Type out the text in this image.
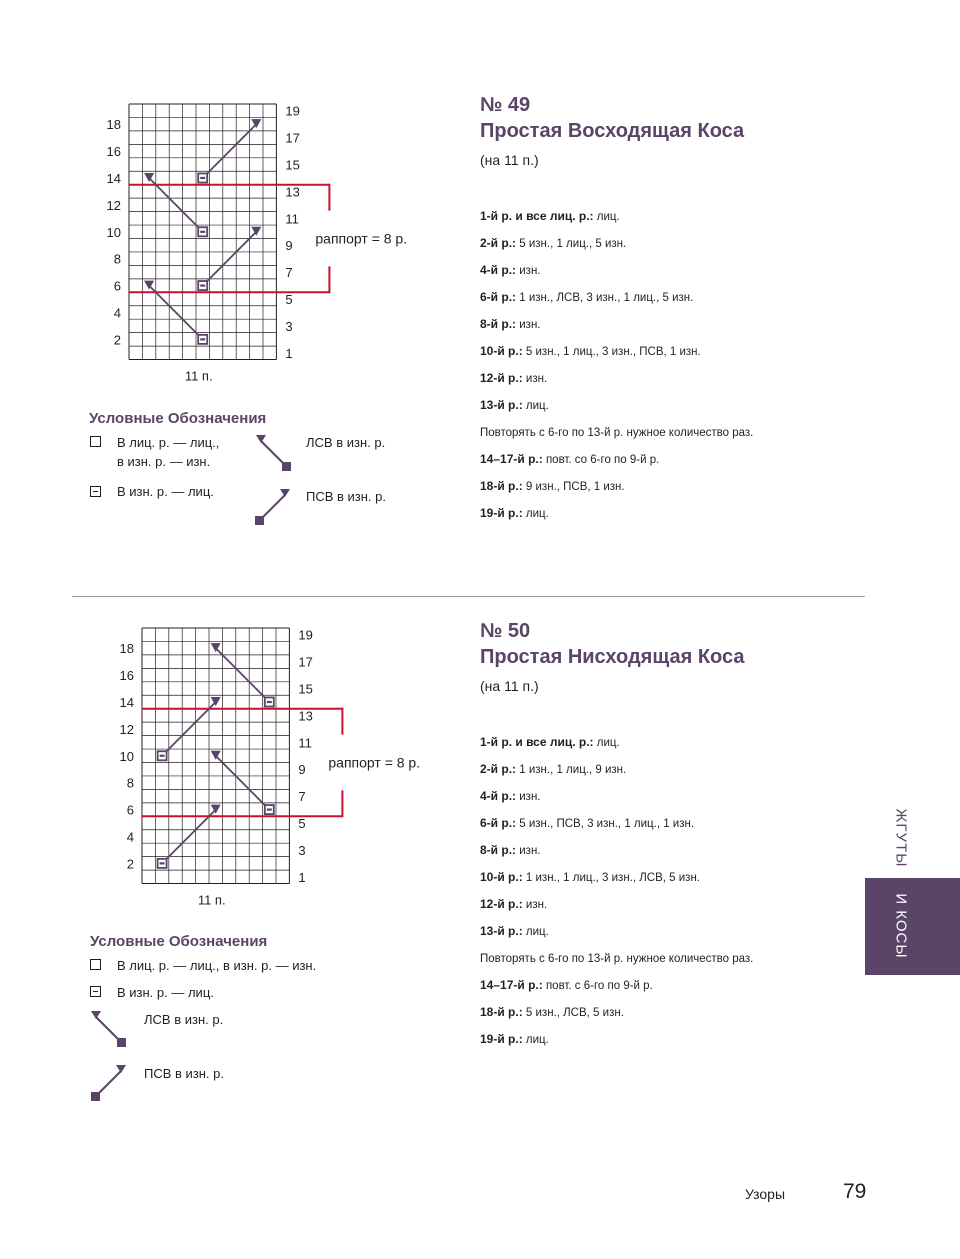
18
16
14
12
10
8
6
4
2
19
17
15
13
11
9
7
5
3
1
11 п.
раппорт = 8 р.
№ 49
Простая Восходящая Коса
(на 11 п.)
1-й р. и все лиц. р.: лиц.
2-й р.: 5 изн., 1 лиц., 5 изн.
4-й р.: изн.
6-й р.: 1 изн., ЛСВ, 3 изн., 1 лиц., 5 изн.
8-й р.: изн.
10-й р.: 5 изн., 1 лиц., 3 изн., ПСВ, 1 изн.
12-й р.: изн.
13-й р.: лиц.
Повторять с 6-го по 13-й р. нужное количество раз.
14–17-й р.: повт. со 6-го по 9-й р.
18-й р.: 9 изн., ПСВ, 1 изн.
19-й р.: лиц.
Условные Обозначения
В лиц. р. — лиц.,
в изн. р. — изн.
В изн. р. — лиц.
ЛСВ в изн. р.
ПСВ в изн. р.
18
16
14
12
10
8
6
4
2
19
17
15
13
11
9
7
5
3
1
11 п.
раппорт = 8 р.
№ 50
Простая Нисходящая Коса
(на 11 п.)
1-й р. и все лиц. р.: лиц.
2-й р.: 1 изн., 1 лиц., 9 изн.
4-й р.: изн.
6-й р.: 5 изн., ПСВ, 3 изн., 1 лиц., 1 изн.
8-й р.: изн.
10-й р.: 1 изн., 1 лиц., 3 изн., ЛСВ, 5 изн.
12-й р.: изн.
13-й р.: лиц.
Повторять с 6-го по 13-й р. нужное количество раз.
14–17-й р.: повт. с 6-го по 9-й р.
18-й р.: 5 изн., ЛСВ, 5 изн.
19-й р.: лиц.
Условные Обозначения
В лиц. р. — лиц., в изн. р. — изн.
В изн. р. — лиц.
ЛСВ в изн. р.
ПСВ в изн. р.
ЖГУТЫ
И КОСЫ
Узоры	79
